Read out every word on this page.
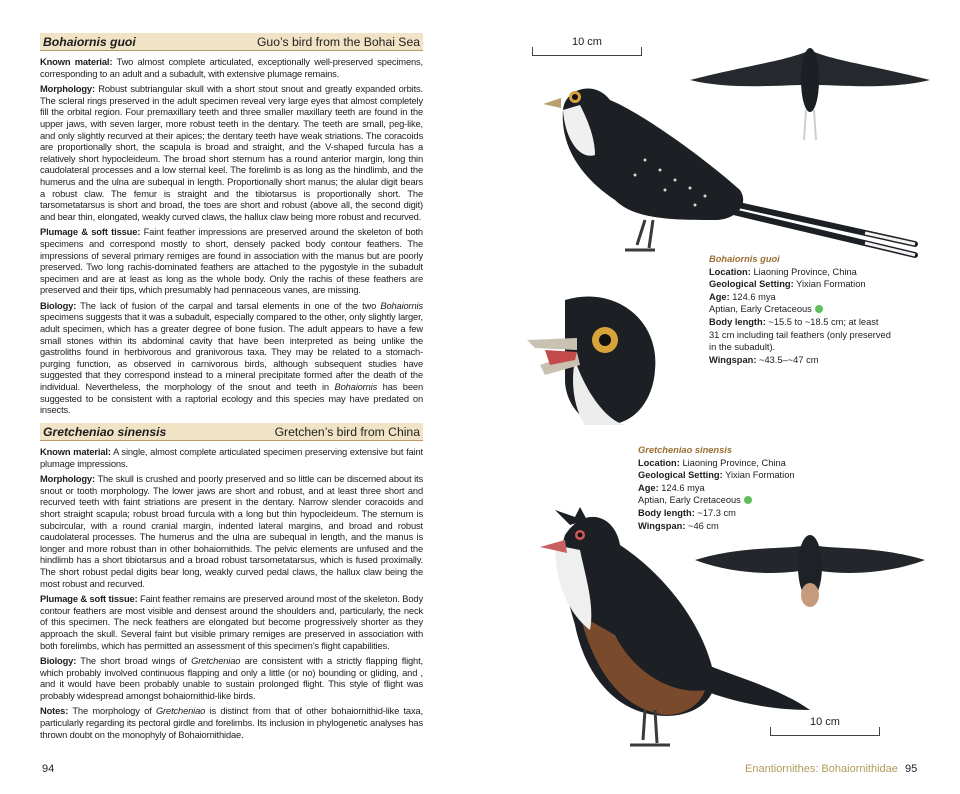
Bohaiornis guoi	Guo’s bird from the Bohai Sea

Known material: Two almost complete articulated, exceptionally well-preserved specimens, corresponding to an adult and a subadult, with extensive plumage remains.

Morphology: Robust subtriangular skull with a short stout snout and greatly expanded orbits. The scleral rings preserved in the adult specimen reveal very large eyes that almost completely fill the orbital region. Four premaxillary teeth and three smaller maxillary teeth are found in the upper jaws, with seven larger, more robust teeth in the dentary. The teeth are small, peg-like, and only slightly recurved at their apices; the dentary teeth have weak striations. The coracoids are proportionally short, the scapula is broad and straight, and the V-shaped furcula has a relatively short hypocleideum. The broad short sternum has a round anterior margin, long thin caudolateral processes and a low sternal keel. The forelimb is as long as the hindlimb, and the humerus and the ulna are subequal in length. Proportionally short manus; the alular digit bears a robust claw. The femur is straight and the tibiotarsus is proportionally short. The tarsometatarsus is short and broad, the toes are short and robust (above all, the second digit) and bear thin, elongated, weakly curved claws, the hallux claw being more robust and recurved.

Plumage & soft tissue: Faint feather impressions are preserved around the skeleton of both specimens and correspond mostly to short, densely packed body contour feathers. The impressions of several primary remiges are found in association with the manus but are poorly preserved. Two long rachis-dominated feathers are attached to the pygostyle in the subadult specimen and are at least as long as the whole body. Only the rachis of these feathers are preserved and their tips, which presumably had pennaceous vanes, are missing.

Biology: The lack of fusion of the carpal and tarsal elements in one of the two Bohaiornis specimens suggests that it was a subadult, especially compared to the other, only slightly larger, adult specimen, which has a greater degree of bone fusion. The adult appears to have a few small stones within its abdominal cavity that have been interpreted as being unlike the gastroliths found in herbivorous and granivorous taxa. They may be related to a stomach-purging function, as observed in carnivorous birds, although subsequent studies have suggested that they correspond instead to a mineral precipitate formed after the death of the individual. Nevertheless, the morphology of the snout and teeth in Bohaiornis has been suggested to be consistent with a raptorial ecology and this species may have predated on insects.

Gretcheniao sinensis	Gretchen’s bird from China

Known material: A single, almost complete articulated specimen preserving extensive but faint plumage impressions.

Morphology: The skull is crushed and poorly preserved and so little can be discerned about its snout or tooth morphology. The lower jaws are short and robust, and at least three short and recurved teeth with faint striations are present in the dentary. Narrow slender coracoids and short straight scapula; robust broad furcula with a long but thin hypocleideum. The sternum is subcircular, with a round cranial margin, indented lateral margins, and broad and robust caudolateral processes. The humerus and the ulna are subequal in length, and the manus is longer and more robust than in other bohaiornithids. The pelvic elements are unfused and the hindlimb has a short tibiotarsus and a broad robust tarsometatarsus, which is fused proximally. The short robust pedal digits bear long, weakly curved pedal claws, the hallux claw being the most robust and recurved.

Plumage & soft tissue: Faint feather remains are preserved around most of the skeleton. Body contour feathers are most visible and densest around the shoulders and, particularly, the neck of this specimen. The neck feathers are elongated but become progressively shorter as they approach the skull. Several faint but visible primary remiges are preserved in association with both forelimbs, which has permitted an assessment of this specimen’s flight capabilities.

Biology: The short broad wings of Gretcheniao are consistent with a strictly flapping flight, which probably involved continuous flapping and only a little (or no) bounding or gliding, and , and it would have been probably unable to sustain prolonged flight. This style of flight was probably widespread amongst bohaiornithid-like birds.

Notes: The morphology of Gretcheniao is distinct from that of other bohaiornithid-like taxa, particularly regarding its pectoral girdle and forelimbs. Its inclusion in phylogenetic analyses has thrown doubt on the monophyly of Bohaiornithidae.

94
10 cm
Bohaiornis guoi
Location: Liaoning Province, China
Geological Setting: Yixian Formation
Age: 124.6 mya
Aptian, Early Cretaceous
Body length: ~15.5 to ~18.5 cm; at least
31 cm including tail feathers (only preserved
in the subadult).
Wingspan: ~43.5–~47 cm
Gretcheniao sinensis
Location: Liaoning Province, China
Geological Setting: Yixian Formation
Age: 124.6 mya
Aptian, Early Cretaceous
Body length: ~17.3 cm
Wingspan: ~46 cm
10 cm
Enantiornithes: Bohaiornithidae 95
